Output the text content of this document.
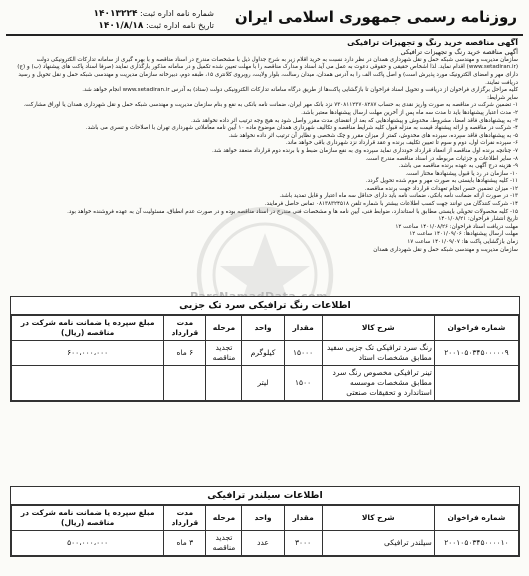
روزنامه رسمی جمهوری اسلامی ایران
شماره نامه اداره ثبت: ۱۴۰۱۳۲۲۴
تاریخ نامه اداره ثبت: ۱۴۰۱/۸/۱۸
آگهی مناقصه خرید رنگ و تجهیزات ترافیکی
آگهی مناقصه خرید رنگ و تجهیزات ترافیکی

سازمان مدیریت و مهندسی شبکه حمل و نقل شهرداری همدان در نظر دارد نسبت به خرید اقلام زیر به شرح جداول ذیل با مشخصات مندرج در اسناد مناقصه و با بهره گیری از سامانه تدارکات الکترونیکی دولت (www.setadiran.ir) اقدام نماید. لذا اشخاص حقیقی و حقوقی دعوت به عمل می آید اسناد و مدارک مناقصه را با مهلت تعیین شده تکمیل و در سامانه مذکور بارگذاری نمایند (صرفا اسناد پاکت های پیشنهاد (ب) و (ج) دارای مهر و امضای الکترونیک مورد پذیرش است) و اصل پاکت الف را به آدرس همدان، میدان رسالت، بلوار ولایت، روبروی کلانتری ۱۵، طبقه دوم، دبیرخانه سازمان مدیریت و مهندسی شبکه حمل و نقل تحویل و رسید دریافت نمایند.

کلیه مراحل برگزاری فراخوان از دریافت و تحویل اسناد فراخوان تا بازگشایی پاکت‌ها از طریق درگاه سامانه تدارکات الکترونیکی دولت (ستاد) به آدرس www.setadiran.ir انجام خواهد شد.

سایر شرایط:

۱- تضمین شرکت در مناقصه به صورت واریز نقدی به حساب ۷۳۰۸۱۱۲۳۷۰۸۲۸۷ نزد بانک مهر ایران، ضمانت نامه بانکی به نفع و بنام سازمان مدیریت و مهندسی شبکه حمل و نقل شهرداری همدان یا اوراق مشارکت.

۲- مدت اعتبار پیشنهادها باید تا مدت سه ماه پس از آخرین مهلت ارسال پیشنهادها معتبر باشد.

۳- به پیشنهادهای فاقد امضا، مشروط، مخدوش و پیشنهادهایی که بعد از انقضای مدت مقرر واصل شود به هیچ وجه ترتیب اثر داده نخواهد شد.

۴- شرکت در مناقصه و ارائه پیشنهاد قیمت به منزله قبول کلیه شرایط مناقصه و تکالیف شهرداری همدان موضوع ماده ۱۰ آیین نامه معاملاتی شهرداری تهران با اصلاحات و تسری می باشد.

۵- به پیشنهادهای فاقد سپرده، سپرده های مخدوش، کمتر از میزان مقرر و چک شخصی و نظایر آن ترتیب اثر داده نخواهد شد.

۶- سپرده نفرات اول، دوم و سوم تا تعیین تکلیف برنده و عقد قرارداد نزد شهرداری باقی خواهد ماند.

۷- چنانچه برنده اول مناقصه از انعقاد قرارداد خودداری نماید سپرده وی به نفع سازمان ضبط و با برنده دوم قرارداد منعقد خواهد شد.

۸- سایر اطلاعات و جزئیات مربوطه در اسناد مناقصه مندرج است.

۹- هزینه درج آگهی به عهده برنده مناقصه می باشد.

۱۰- سازمان در رد یا قبول پیشنهادها مختار است.

۱۱- کلیه پیشنهادها بایستی به صورت مهر و موم شده تحویل گردد.

۱۲- میزان تضمین حسن انجام تعهدات قرارداد جهت برنده مناقصه.

۱۳- در صورت ارائه ضمانت نامه بانکی، ضمانت نامه باید دارای حداقل سه ماه اعتبار و قابل تمدید باشد.

۱۴- شرکت کنندگان می توانند جهت کسب اطلاعات بیشتر با شماره تلفن ۰۸۱۳۸۳۲۴۵۱۸ تماس حاصل فرمایند.

۱۵- کلیه محصولات تحویلی بایستی مطابق با استاندارد، ضوابط فنی، آیین نامه ها و مشخصات فنی مندرج در اسناد مناقصه بوده و در صورت عدم انطباق، مسئولیت آن به عهده فروشنده خواهد بود.

تاریخ انتشار فراخوان: ۱۴۰۱/۰۸/۲۱

مهلت دریافت اسناد فراخوان: ۱۴۰۱/۰۸/۲۶ ساعت ۱۲

مهلت ارسال پیشنهادها: ۱۴۰۱/۰۹/۰۶ ساعت ۱۲

زمان بازگشایی پاکت ها: ۱۴۰۱/۰۹/۰۷ ساعت ۱۷

سازمان مدیریت و مهندسی شبکه حمل و نقل شهرداری همدان

اطلاعات رنگ ترافیکی سرد تک جزیی
شماره فراخوان	شرح کالا	مقدار	واحد	مرحله	مدت قرارداد	مبلغ سپرده یا ضمانت نامه شرکت در مناقصه (ریال)
۲۰۰۱۰۵۰۳۴۵۰۰۰۰۰۹	رنگ سرد ترافیکی تک جزیی سفید مطابق مشخصات استاد	۱۵۰۰۰	کیلوگرم	تجدید مناقصه	۶ ماه	۶۰۰،۰۰۰،۰۰۰
	تینر ترافیکی مخصوص رنگ سرد مطابق مشخصات موسسه استاندارد و تحقیقات صنعتی	۱۵۰۰	لیتر			
اطلاعات سیلندر ترافیکی
شماره فراخوان	شرح کالا	مقدار	واحد	مرحله	مدت قرارداد	مبلغ سپرده یا ضمانت نامه شرکت در مناقصه (ریال)
۲۰۰۱۰۵۰۳۴۵۰۰۰۰۱۰	سیلندر ترافیکی	۳۰۰۰	عدد	تجدید مناقصه	۳ ماه	۵۰۰،۰۰۰،۰۰۰
